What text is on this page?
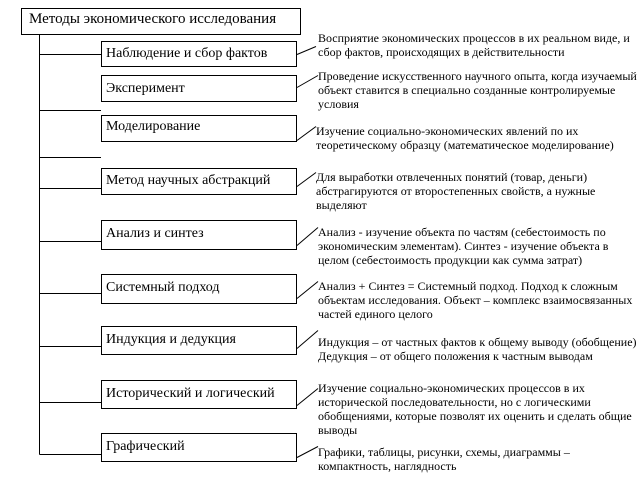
Методы экономического исследования
Наблюдение и сбор фактов
Эксперимент
Моделирование
Метод научных абстракций
Анализ и синтез
Системный подход
Индукция и дедукция
Исторический и логический
Графический
Восприятие экономических процессов в их реальном виде, и сбор фактов, происходящих в действительности
Проведение искусственного научного опыта, когда изучаемый объект ставится в специально созданные контролируемые условия
Изучение социально-экономических явлений по их теоретическому образцу (математическое моделирование)
Для выработки отвлеченных понятий (товар, деньги) абстрагируются от второстепенных свойств, а нужные выделяют
Анализ - изучение объекта по частям (себестоимость по экономическим элементам). Синтез - изучение объекта в целом (себестоимость продукции как сумма затрат)
Анализ + Синтез = Системный подход. Подход к сложным объектам исследования. Объект – комплекс взаимосвязанных частей единого целого
Индукция – от частных фактов к общему выводу (обобщение) Дедукция – от общего положения к частным выводам
Изучение социально-экономических процессов в их исторической последовательности, но с логическими обобщениями, которые позволят их оценить и сделать общие выводы
Графики, таблицы, рисунки, схемы, диаграммы – компактность, наглядность
